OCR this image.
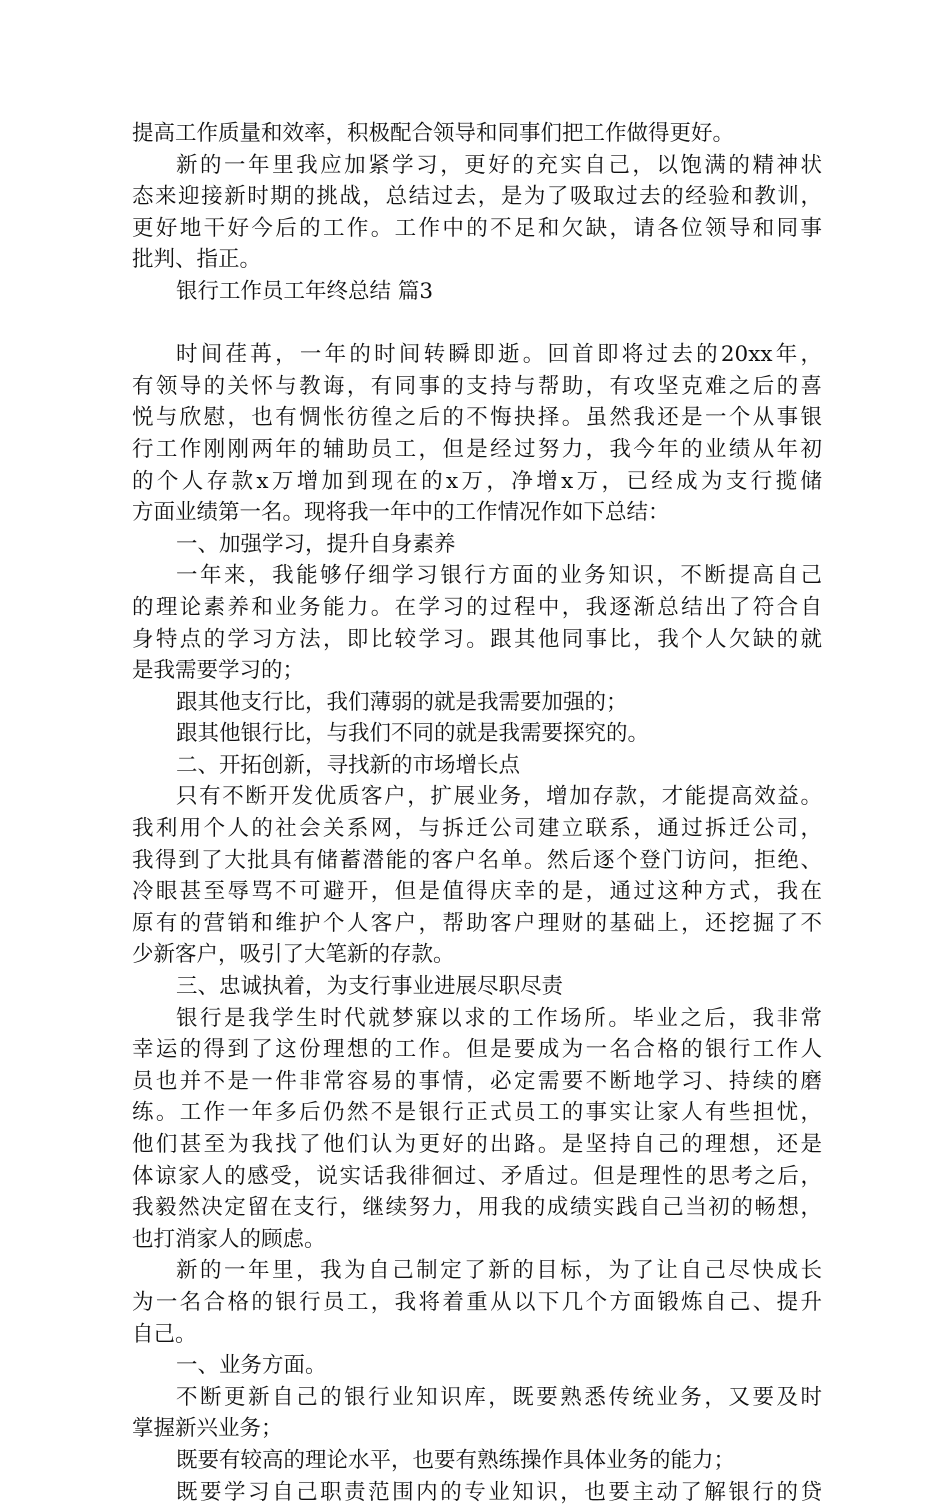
提高工作质量和效率，积极配合领导和同事们把工作做得更好。
新的一年里我应加紧学习，更好的充实自己，以饱满的精神状
态来迎接新时期的挑战，总结过去，是为了吸取过去的经验和教训，
更好地干好今后的工作。工作中的不足和欠缺，请各位领导和同事
批判、指正。
银行工作员工年终总结 篇3
时间荏苒，一年的时间转瞬即逝。回首即将过去的20xx年，
有领导的关怀与教诲，有同事的支持与帮助，有攻坚克难之后的喜
悦与欣慰，也有惆怅彷徨之后的不悔抉择。虽然我还是一个从事银
行工作刚刚两年的辅助员工，但是经过努力，我今年的业绩从年初
的个人存款x万增加到现在的x万，净增x万，已经成为支行揽储
方面业绩第一名。现将我一年中的工作情况作如下总结：
一、加强学习，提升自身素养
一年来，我能够仔细学习银行方面的业务知识，不断提高自己
的理论素养和业务能力。在学习的过程中，我逐渐总结出了符合自
身特点的学习方法，即比较学习。跟其他同事比，我个人欠缺的就
是我需要学习的；
跟其他支行比，我们薄弱的就是我需要加强的；
跟其他银行比，与我们不同的就是我需要探究的。
二、开拓创新，寻找新的市场增长点
只有不断开发优质客户，扩展业务，增加存款，才能提高效益。
我利用个人的社会关系网，与拆迁公司建立联系，通过拆迁公司，
我得到了大批具有储蓄潜能的客户名单。然后逐个登门访问，拒绝、
冷眼甚至辱骂不可避开，但是值得庆幸的是，通过这种方式，我在
原有的营销和维护个人客户，帮助客户理财的基础上，还挖掘了不
少新客户，吸引了大笔新的存款。
三、忠诚执着，为支行事业进展尽职尽责
银行是我学生时代就梦寐以求的工作场所。毕业之后，我非常
幸运的得到了这份理想的工作。但是要成为一名合格的银行工作人
员也并不是一件非常容易的事情，必定需要不断地学习、持续的磨
练。工作一年多后仍然不是银行正式员工的事实让家人有些担忧，
他们甚至为我找了他们认为更好的出路。是坚持自己的理想，还是
体谅家人的感受，说实话我徘徊过、矛盾过。但是理性的思考之后，
我毅然决定留在支行，继续努力，用我的成绩实践自己当初的畅想，
也打消家人的顾虑。
新的一年里，我为自己制定了新的目标，为了让自己尽快成长
为一名合格的银行员工，我将着重从以下几个方面锻炼自己、提升
自己。
一、业务方面。
不断更新自己的银行业知识库，既要熟悉传统业务，又要及时
掌握新兴业务；
既要有较高的理论水平，也要有熟练操作具体业务的能力；
既要学习自己职责范围内的专业知识，也要主动了解银行的贷
